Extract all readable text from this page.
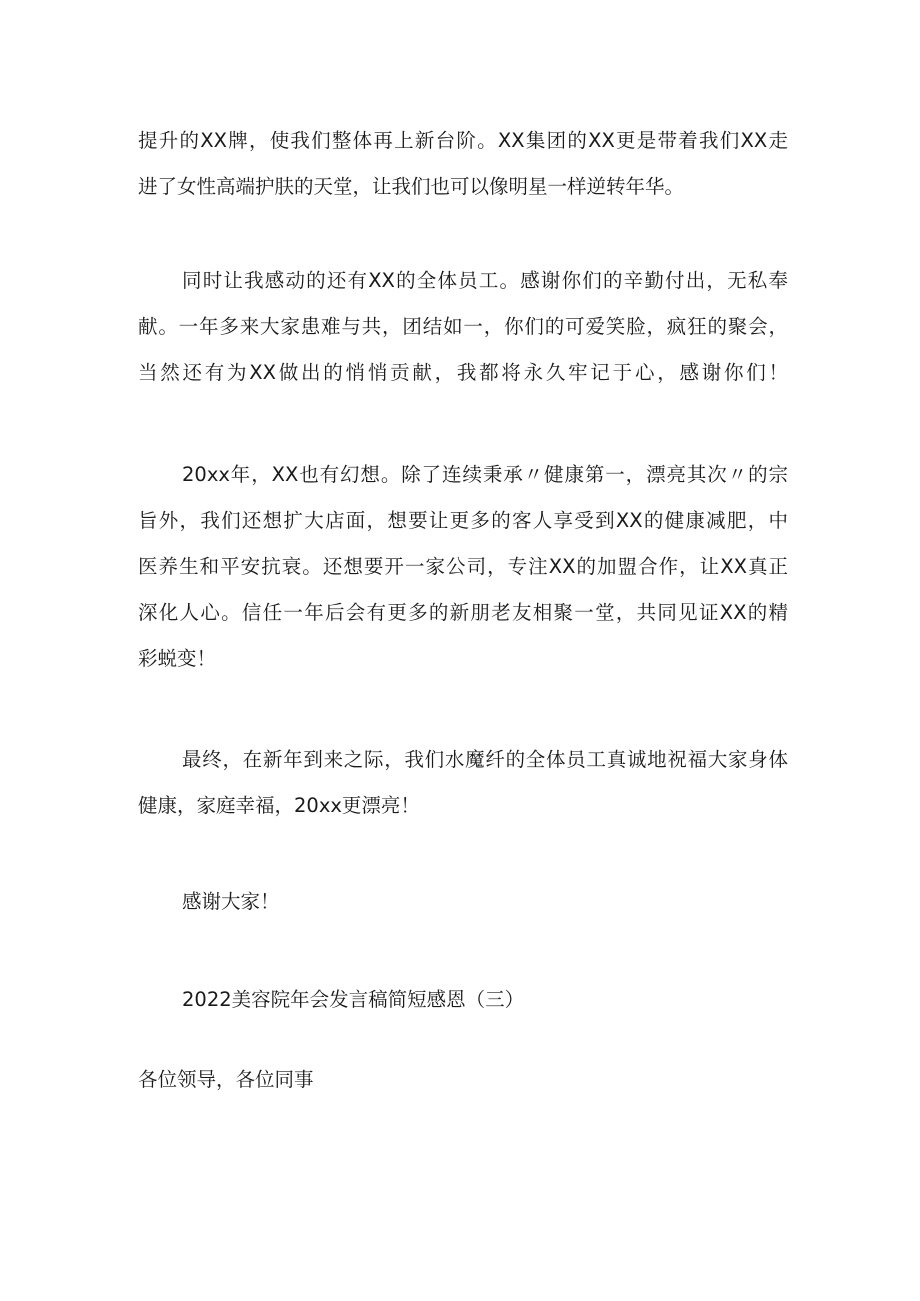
提升的XX牌，使我们整体再上新台阶。XX集团的XX更是带着我们XX走
进了女性高端护肤的天堂，让我们也可以像明星一样逆转年华。

同时让我感动的还有XX的全体员工。感谢你们的辛勤付出，无私奉
献。一年多来大家患难与共，团结如一，你们的可爱笑脸，疯狂的聚会，
当然还有为XX做出的悄悄贡献，我都将永久牢记于心，感谢你们！

20xx年，XX也有幻想。除了连续秉承〃健康第一，漂亮其次〃的宗
旨外，我们还想扩大店面，想要让更多的客人享受到XX的健康减肥，中
医养生和平安抗衰。还想要开一家公司，专注XX的加盟合作，让XX真正
深化人心。信任一年后会有更多的新朋老友相聚一堂，共同见证XX的精
彩蜕变！

最终，在新年到来之际，我们水魔纤的全体员工真诚地祝福大家身体
健康，家庭幸福，20xx更漂亮！

感谢大家！

2022美容院年会发言稿简短感恩（三）

各位领导，各位同事
